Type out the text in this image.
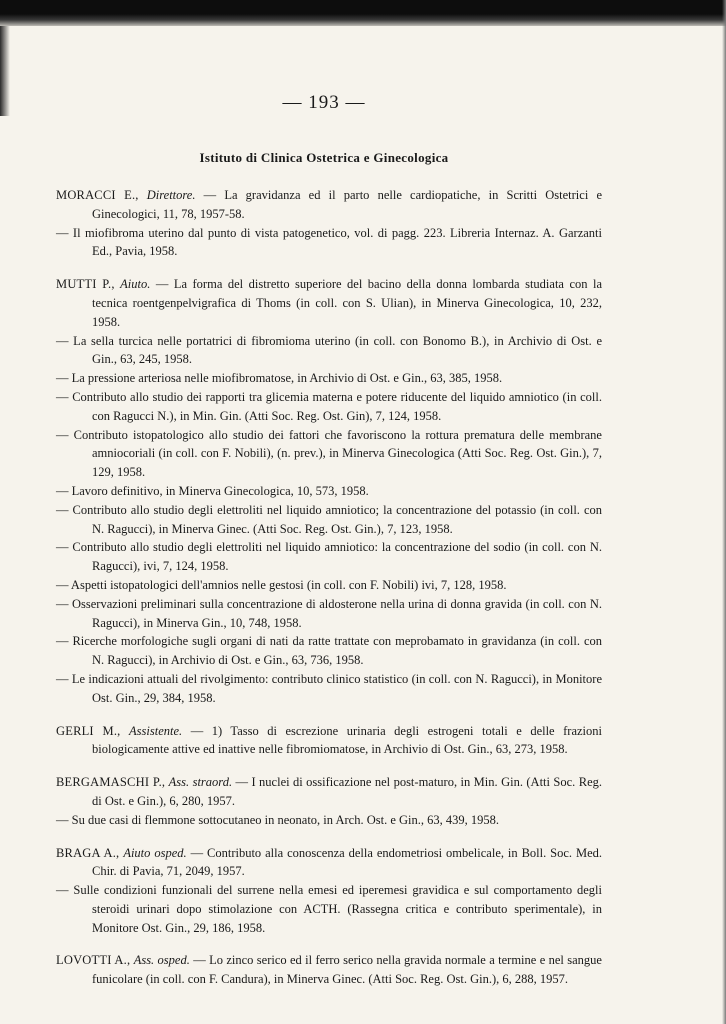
— 193 —
Istituto di Clinica Ostetrica e Ginecologica
MORACCI E., Direttore. — La gravidanza ed il parto nelle cardiopatiche, in Scritti Ostetrici e Ginecologici, 11, 78, 1957-58.
— Il miofibroma uterino dal punto di vista patogenetico, vol. di pagg. 223. Libreria Internaz. A. Garzanti Ed., Pavia, 1958.
MUTTI P., Aiuto. — La forma del distretto superiore del bacino della donna lombarda studiata con la tecnica roentgenpelvigrafica di Thoms (in coll. con S. Ulian), in Minerva Ginecologica, 10, 232, 1958.
— La sella turcica nelle portatrici di fibromioma uterino (in coll. con Bonomo B.), in Archivio di Ost. e Gin., 63, 245, 1958.
— La pressione arteriosa nelle miofibromatose, in Archivio di Ost. e Gin., 63, 385, 1958.
— Contributo allo studio dei rapporti tra glicemia materna e potere riducente del liquido amniotico (in coll. con Ragucci N.), in Min. Gin. (Atti Soc. Reg. Ost. Gin), 7, 124, 1958.
— Contributo istopatologico allo studio dei fattori che favoriscono la rottura prematura delle membrane amniocoriali (in coll. con F. Nobili), (n. prev.), in Minerva Ginecologica (Atti Soc. Reg. Ost. Gin.), 7, 129, 1958.
— Lavoro definitivo, in Minerva Ginecologica, 10, 573, 1958.
— Contributo allo studio degli elettroliti nel liquido amniotico; la concentrazione del potassio (in coll. con N. Ragucci), in Minerva Ginec. (Atti Soc. Reg. Ost. Gin.), 7, 123, 1958.
— Contributo allo studio degli elettroliti nel liquido amniotico: la concentrazione del sodio (in coll. con N. Ragucci), ivi, 7, 124, 1958.
— Aspetti istopatologici dell'amnios nelle gestosi (in coll. con F. Nobili) ivi, 7, 128, 1958.
— Osservazioni preliminari sulla concentrazione di aldosterone nella urina di donna gravida (in coll. con N. Ragucci), in Minerva Gin., 10, 748, 1958.
— Ricerche morfologiche sugli organi di nati da ratte trattate con meprobamato in gravidanza (in coll. con N. Ragucci), in Archivio di Ost. e Gin., 63, 736, 1958.
— Le indicazioni attuali del rivolgimento: contributo clinico statistico (in coll. con N. Ragucci), in Monitore Ost. Gin., 29, 384, 1958.
GERLI M., Assistente. — 1) Tasso di escrezione urinaria degli estrogeni totali e delle frazioni biologicamente attive ed inattive nelle fibromiomatose, in Archivio di Ost. Gin., 63, 273, 1958.
BERGAMASCHI P., Ass. straord. — I nuclei di ossificazione nel post-maturo, in Min. Gin. (Atti Soc. Reg. di Ost. e Gin.), 6, 280, 1957.
— Su due casi di flemmone sottocutaneo in neonato, in Arch. Ost. e Gin., 63, 439, 1958.
BRAGA A., Aiuto osped. — Contributo alla conoscenza della endometriosi ombelicale, in Boll. Soc. Med. Chir. di Pavia, 71, 2049, 1957.
— Sulle condizioni funzionali del surrene nella emesi ed iperemesi gravidica e sul comportamento degli steroidi urinari dopo stimolazione con ACTH. (Rassegna critica e contributo sperimentale), in Monitore Ost. Gin., 29, 186, 1958.
LOVOTTI A., Ass. osped. — Lo zinco serico ed il ferro serico nella gravida normale a termine e nel sangue funicolare (in coll. con F. Candura), in Minerva Ginec. (Atti Soc. Reg. Ost. Gin.), 6, 288, 1957.
